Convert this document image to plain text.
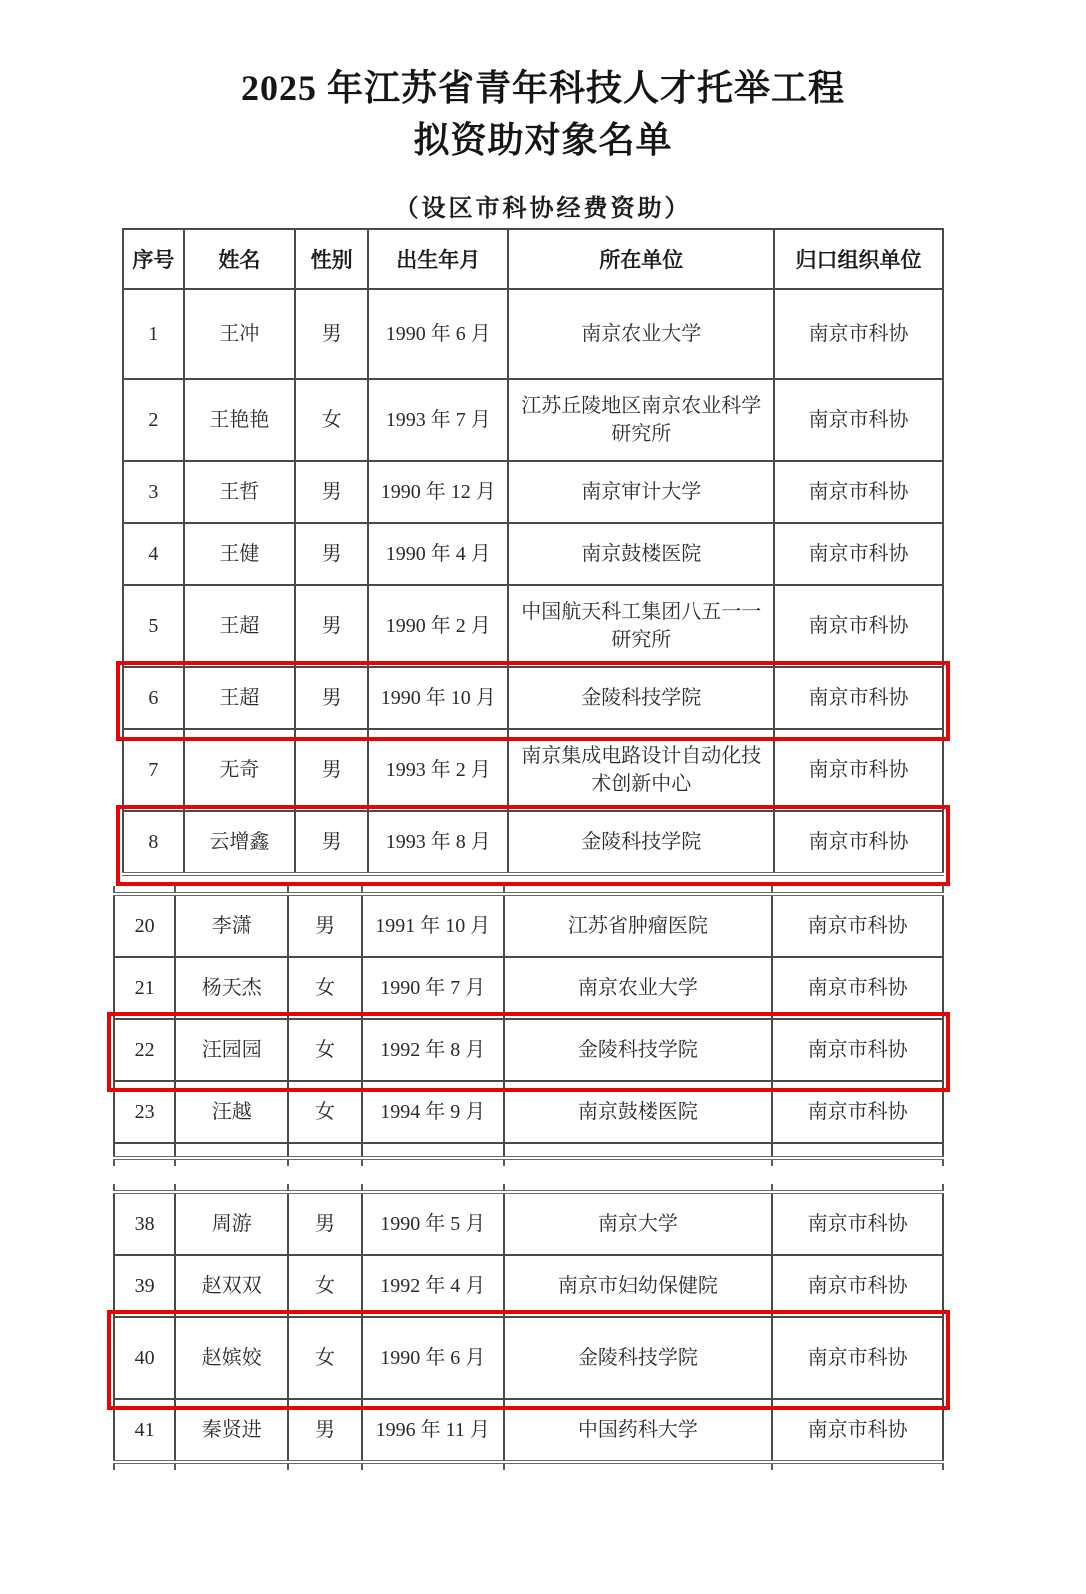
2025 年江苏省青年科技人才托举工程
拟资助对象名单
（设区市科协经费资助）
序号	姓名	性别	出生年月	所在单位	归口组织单位
1	王冲	男	1990 年 6 月	南京农业大学	南京市科协
2	王艳艳	女	1993 年 7 月	江苏丘陵地区南京农业科学研究所	南京市科协
3	王哲	男	1990 年 12 月	南京审计大学	南京市科协
4	王健	男	1990 年 4 月	南京鼓楼医院	南京市科协
5	王超	男	1990 年 2 月	中国航天科工集团八五一一研究所	南京市科协
6	王超	男	1990 年 10 月	金陵科技学院	南京市科协
7	无奇	男	1993 年 2 月	南京集成电路设计自动化技术创新中心	南京市科协
8	云增鑫	男	1993 年 8 月	金陵科技学院	南京市科协
20	李潇	男	1991 年 10 月	江苏省肿瘤医院	南京市科协
21	杨天杰	女	1990 年 7 月	南京农业大学	南京市科协
22	汪园园	女	1992 年 8 月	金陵科技学院	南京市科协
23	汪越	女	1994 年 9 月	南京鼓楼医院	南京市科协

38	周游	男	1990 年 5 月	南京大学	南京市科协
39	赵双双	女	1992 年 4 月	南京市妇幼保健院	南京市科协
40	赵嫔姣	女	1990 年 6 月	金陵科技学院	南京市科协
41	秦贤进	男	1996 年 11 月	中国药科大学	南京市科协
